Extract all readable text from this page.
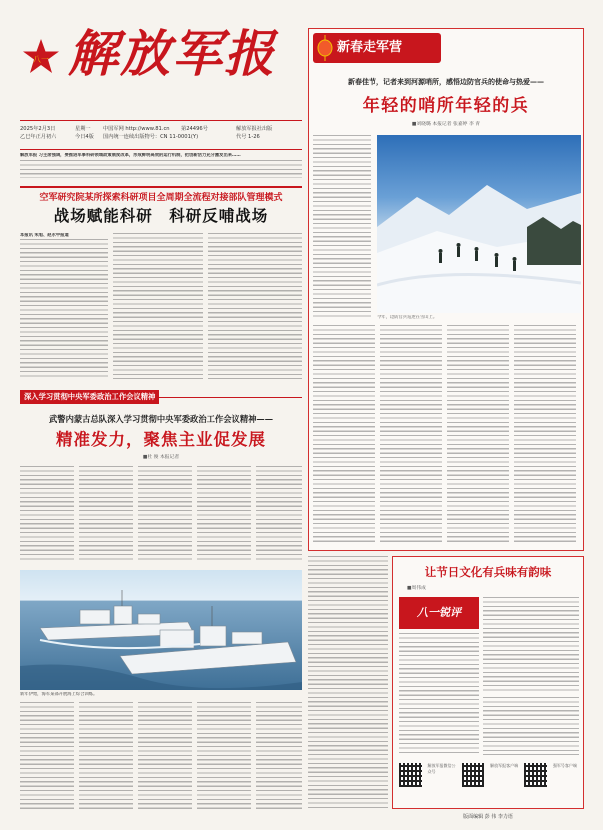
八一 解放军报
2025年2月3日	星期一	中国军网 http://www.81.cn	第24496号	解放军报社出版
乙巳年正月初六	今日4版	国内统一连续出版物号：CN 11-0001(Y)	代号 1-26
解放军报 习主席强调，要推进军事科研领域政策制度改革，形成鲜明高效的运行机制，把创新活力充分激发出来……
空军研究院某所探索科研项目全周期全流程对接部队管理模式
战场赋能科研　科研反哺战场
本报讯 朱旭、赵永甲报道
深入学习贯彻中央军委政治工作会议精神
武警内蒙古总队深入学习贯彻中央军委政治工作会议精神——
精准发力，聚焦主业促发展
■杜 俊 本报记者
新年伊始，海军某部开展海上综合训练。
新春走军营
新春佳节，记者来到河源哨所，感悟边防官兵的使命与热爱——
年轻的哨所年轻的兵
■刘晓璐 本报记者 张嘉婷 李 青
今年，边防官兵巡逻在雪山上。
让节日文化有兵味有韵味
■周伟成
八一锐评
解放军报微信公众号
解放军报客户端	强军号客户端
版面编辑 彭 伟 李力语
